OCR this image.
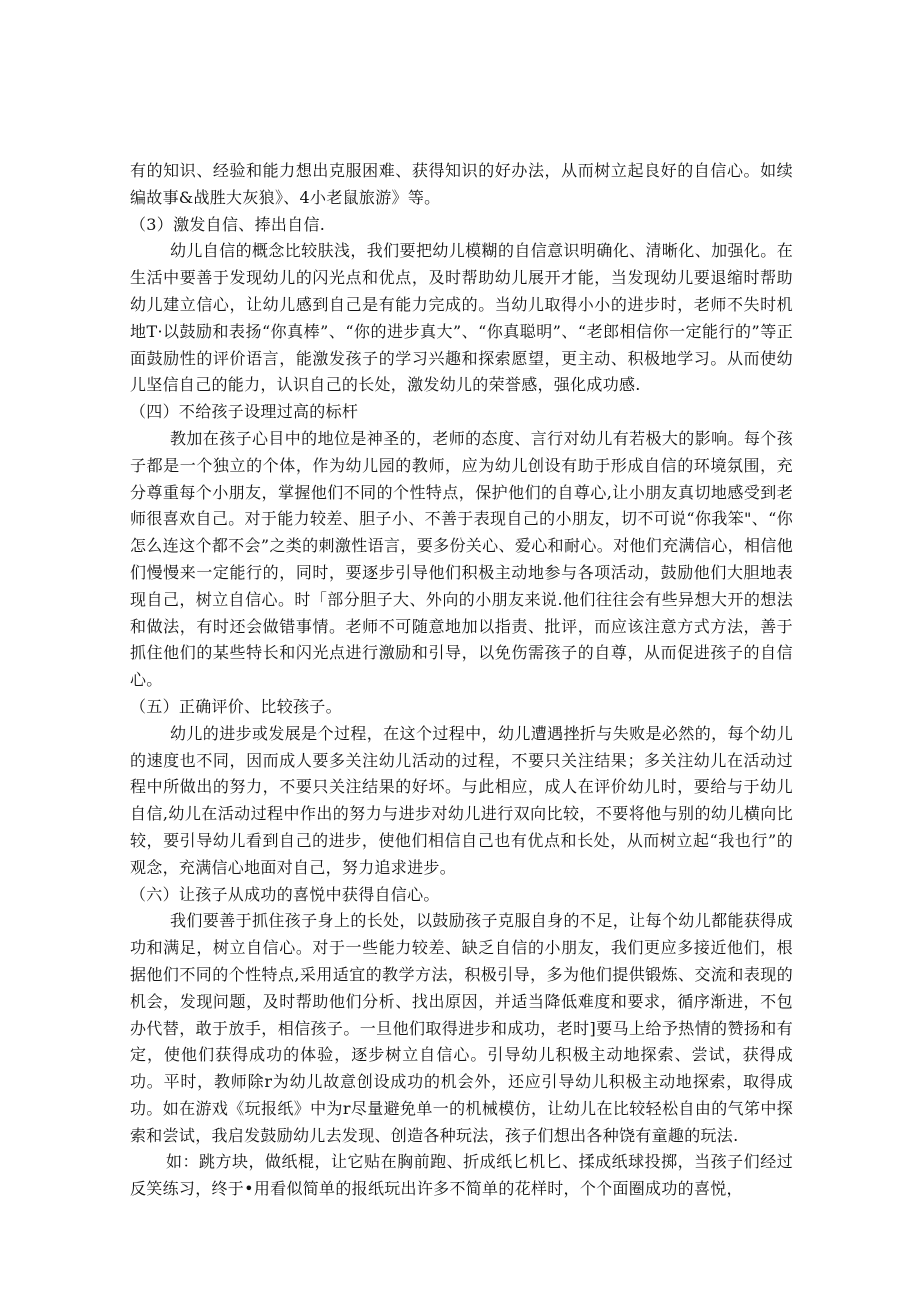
有的知识、经验和能力想出克服困难、获得知识的好办法，从而树立起良好的自信心。如续编故事&战胜大灰狼》、4小老鼠旅游》等。

（3）激发自信、捧出自信.

幼儿自信的概念比较肤浅，我们要把幼儿模糊的自信意识明确化、清晰化、加强化。在生活中要善于发现幼儿的闪光点和优点，及时帮助幼儿展开才能，当发现幼儿要退缩时帮助幼儿建立信心，让幼儿感到自己是有能力完成的。当幼儿取得小小的进步时，老师不失时机地T·以鼓励和表扬“你真棒”、“你的进步真大”、“你真聪明”、“老郎相信你一定能行的”等正面鼓励性的评价语言，能激发孩子的学习兴趣和探索愿望，更主动、积极地学习。从而使幼儿坚信自己的能力，认识自己的长处，激发幼儿的荣誉感，强化成功感.

（四）不给孩子设理过高的标杆

教加在孩子心目中的地位是神圣的，老师的态度、言行对幼儿有若极大的影响。每个孩子都是一个独立的个体，作为幼儿园的教师，应为幼儿创设有助于形成自信的环境氛围，充分尊重每个小朋友，掌握他们不同的个性特点，保护他们的自尊心,让小朋友真切地感受到老师很喜欢自己。对于能力较差、胆子小、不善于表现自己的小朋友，切不可说“你我笨"、“你怎么连这个都不会”之类的刺激性语言，要多份关心、爱心和耐心。对他们充满信心，相信他们慢慢来一定能行的，同时，要逐步引导他们积极主动地参与各项活动，鼓励他们大胆地表现自己，树立自信心。时「部分胆子大、外向的小朋友来说.他们往往会有些异想大开的想法和做法，有时还会做错事情。老师不可随意地加以指责、批评，而应该注意方式方法，善于抓住他们的某些特长和闪光点进行激励和引导，以免伤需孩子的自尊，从而促进孩子的自信心。

（五）正确评价、比较孩子。

幼儿的进步或发展是个过程，在这个过程中，幼儿遭遇挫折与失败是必然的，每个幼儿的速度也不同，因而成人要多关注幼儿活动的过程，不要只关注结果；多关注幼儿在活动过程中所做出的努力，不要只关注结果的好坏。与此相应，成人在评价幼儿时，要给与于幼儿自信,幼儿在活动过程中作出的努力与进步对幼儿进行双向比较，不要将他与别的幼儿横向比较，要引导幼儿看到自己的进步，使他们相信自己也有优点和长处，从而树立起“我也行”的观念，充满信心地面对自己，努力追求进步。

（六）让孩子从成功的喜悦中获得自信心。

我们要善于抓住孩子身上的长处，以鼓励孩子克服自身的不足，让每个幼儿都能获得成功和满足，树立自信心。对于一些能力较差、缺乏自信的小朋友，我们更应多接近他们，根据他们不同的个性特点,采用适宜的教学方法，积极引导，多为他们提供锻炼、交流和表现的机会，发现问题，及时帮助他们分析、找出原因，并适当降低难度和要求，循序渐进，不包办代替，敢于放手，相信孩子。一旦他们取得进步和成功，老时]要马上给予热情的赞扬和有定，使他们获得成功的体验，逐步树立自信心。引导幼儿积极主动地探索、尝试，获得成功。平时，教师除r为幼儿故意创设成功的机会外，还应引导幼儿积极主动地探索，取得成功。如在游戏《玩报纸》中为r尽量避免单一的机械模仿，让幼儿在比较轻松自由的气笫中探索和尝试，我启发鼓励幼儿去发现、创造各种玩法，孩子们想出各种饶有童趣的玩法.

如：跳方块，做纸棍，让它贴在胸前跑、折成纸匕机匕、揉成纸球投掷，当孩子们经过反笑练习，终于•用看似简单的报纸玩出许多不简单的花样时，个个面圈成功的喜悦，
